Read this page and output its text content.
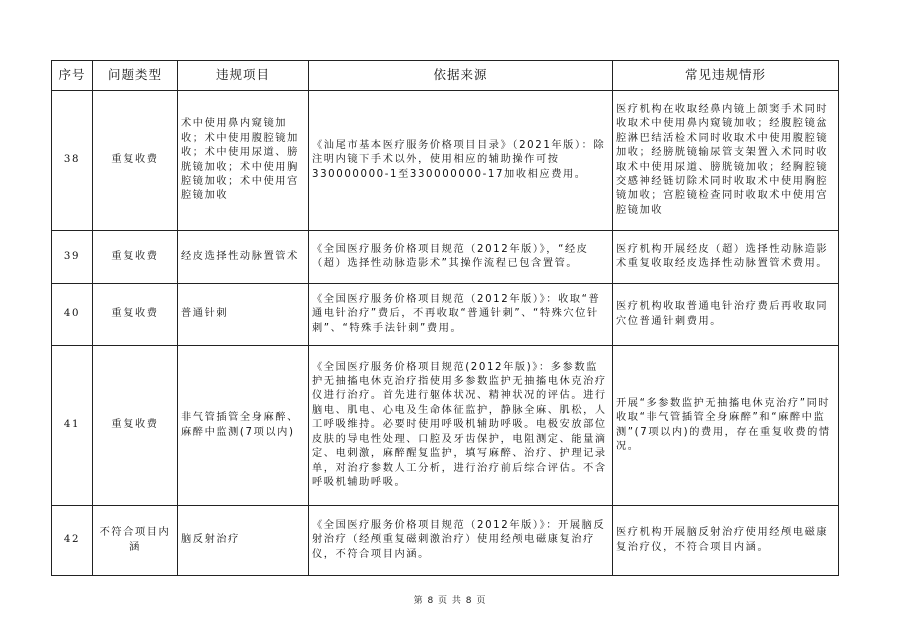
序号	问题类型	违规项目	依据来源	常见违规情形
38	重复收费	术中使用鼻内窥镜加收；术中使用腹腔镜加收；术中使用尿道、膀胱镜加收；术中使用胸腔镜加收；术中使用宫腔镜加收	《汕尾市基本医疗服务价格项目目录》（2021年版）：除注明内镜下手术以外，使用相应的辅助操作可按330000000-1至330000000-17加收相应费用。	医疗机构在收取经鼻内镜上颌窦手术同时收取术中使用鼻内窥镜加收；经腹腔镜盆腔淋巴结活检术同时收取术中使用腹腔镜加收；经膀胱镜输尿管支架置入术同时收取术中使用尿道、膀胱镜加收；经胸腔镜交感神经链切除术同时收取术中使用胸腔镜加收；宫腔镜检查同时收取术中使用宫腔镜加收
39	重复收费	经皮选择性动脉置管术	《全国医疗服务价格项目规范（2012年版）》，“经皮（超）选择性动脉造影术”其操作流程已包含置管。	医疗机构开展经皮（超）选择性动脉造影术重复收取经皮选择性动脉置管术费用。
40	重复收费	普通针刺	《全国医疗服务价格项目规范（2012年版）》：收取“普通电针治疗”费后，不再收取“普通针刺”、“特殊穴位针刺”、“特殊手法针刺”费用。	医疗机构收取普通电针治疗费后再收取同穴位普通针刺费用。
41	重复收费	非气管插管全身麻醉、麻醉中监测(7项以内)	《全国医疗服务价格项目规范(2012年版)》：多参数监护无抽搐电休克治疗指使用多参数监护无抽搐电休克治疗仪进行治疗。首先进行躯体状况、精神状况的评估。进行脑电、肌电、心电及生命体征监护，静脉全麻、肌松，人工呼吸维持。必要时使用呼吸机辅助呼吸。电极安放部位皮肤的导电性处理、口腔及牙齿保护，电阻测定、能量滴定、电刺激，麻醉醒复监护，填写麻醉、治疗、护理记录单，对治疗参数人工分析，进行治疗前后综合评估。不含呼吸机辅助呼吸。	开展“多参数监护无抽搐电休克治疗”同时收取“非气管插管全身麻醉”和“麻醉中监测”(7项以内)的费用，存在重复收费的情况。
42	不符合项目内涵	脑反射治疗	《全国医疗服务价格项目规范（2012年版）》：开展脑反射治疗（经颅重复磁刺激治疗）使用经颅电磁康复治疗仪，不符合项目内涵。	医疗机构开展脑反射治疗使用经颅电磁康复治疗仪，不符合项目内涵。
第 8 页 共 8 页
